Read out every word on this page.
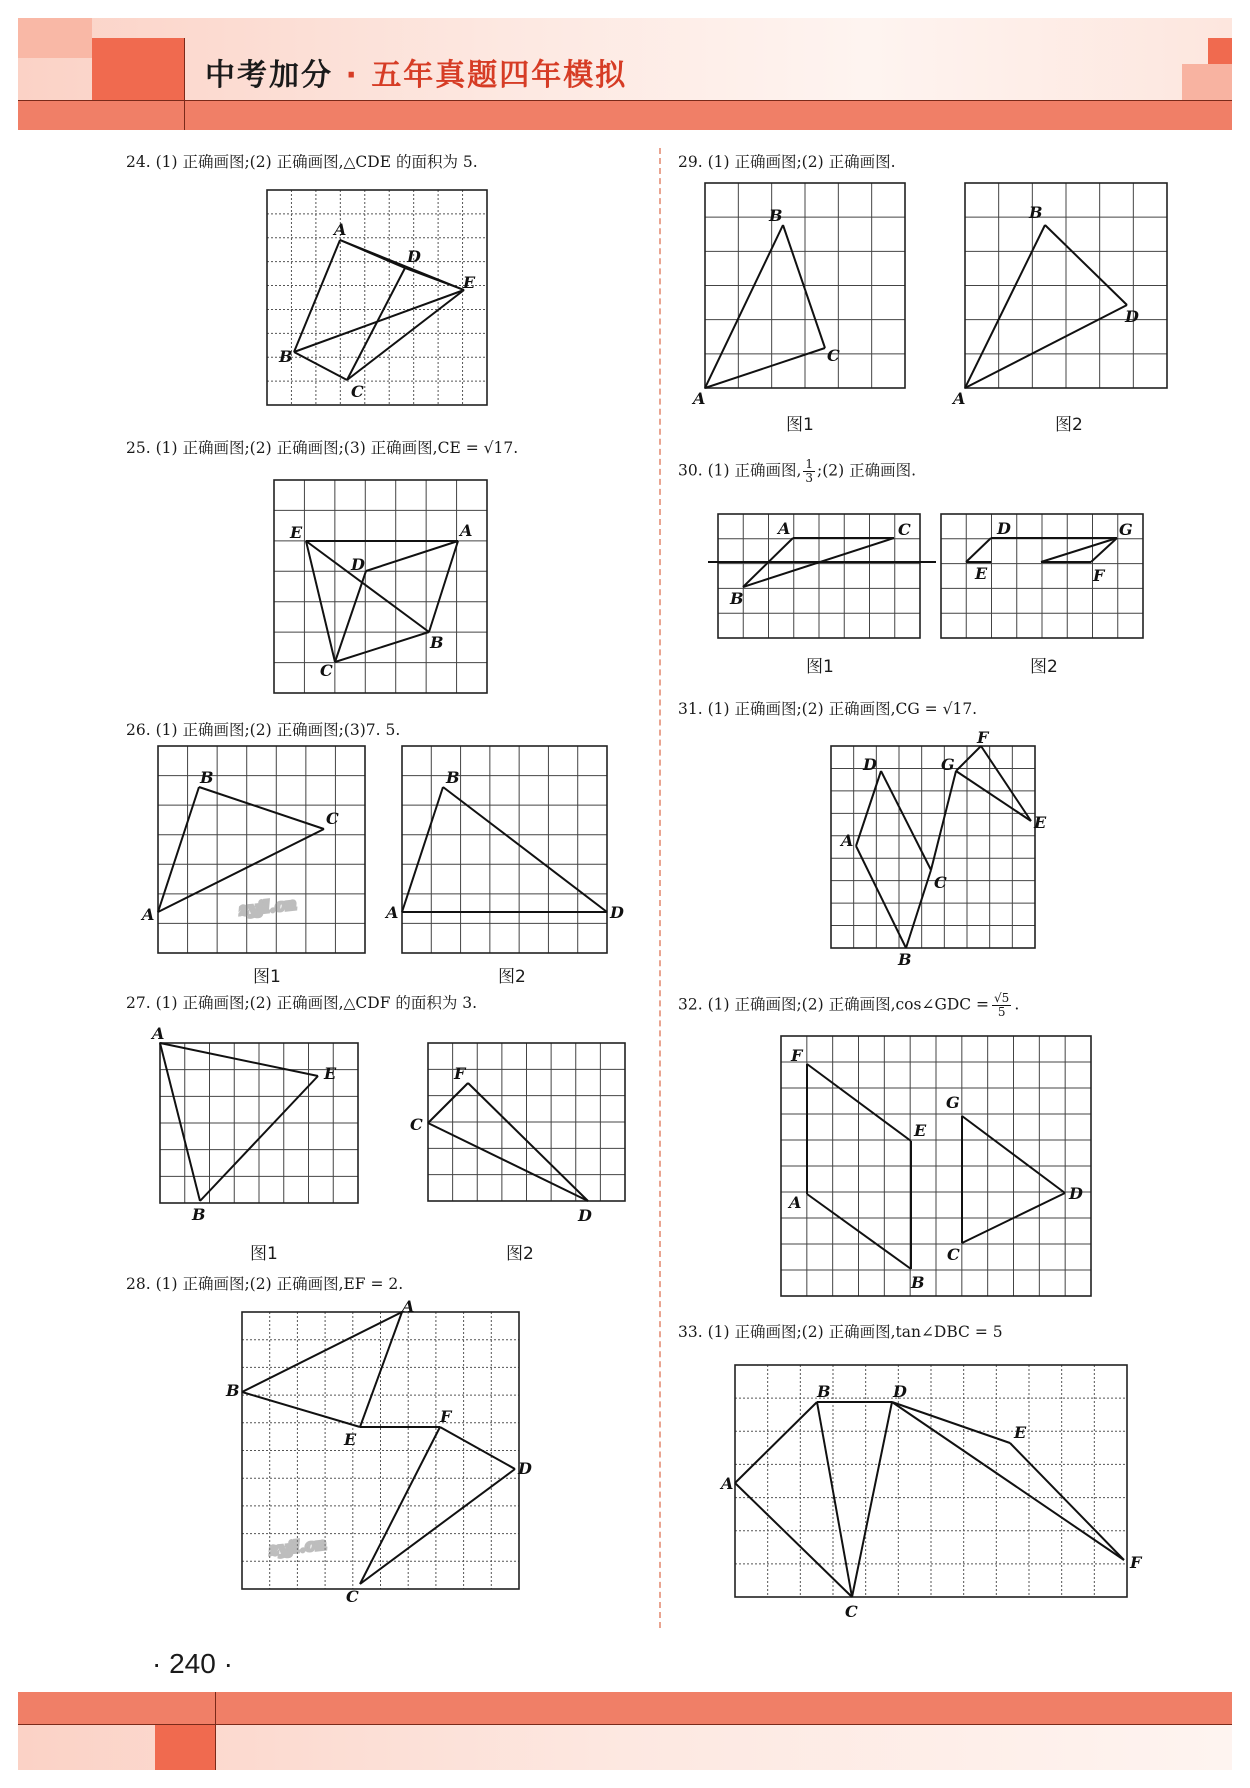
中考加分 · 五年真题四年模拟
24. (1) 正确画图;(2) 正确画图,△CDE 的面积为 5.
25. (1) 正确画图;(2) 正确画图;(3) 正确画图,CE = √17.
26. (1) 正确画图;(2) 正确画图;(3)7. 5.
27. (1) 正确画图;(2) 正确画图,△CDF 的面积为 3.
28. (1) 正确画图;(2) 正确画图,EF = 2.
29. (1) 正确画图;(2) 正确画图.
30. (1) 正确画图, $\frac{1}{3}$ ;(2) 正确画图.
31. (1) 正确画图;(2) 正确画图,CG = √17.
32. (1) 正确画图;(2) 正确画图,cos∠GDC = $\frac{√5}{5}$ .
33. (1) 正确画图;(2) 正确画图,tan∠DBC = 5
A
D
E
B
C
E	A
D
B
C
A
B
C
图1
A
B
D
图2
A
E
B
图1
F
C
D
图2
A
B
E
F
D
C
B
C
A
图1
B
D
A
图2
A	C
B
图1
D	G
E	F
图2
D	G
F
E
A
C
B
F
E
G
D
A
C
B
A
B	D
E
F
C
zyjl.cn
zyjl.cn
· 240 ·
